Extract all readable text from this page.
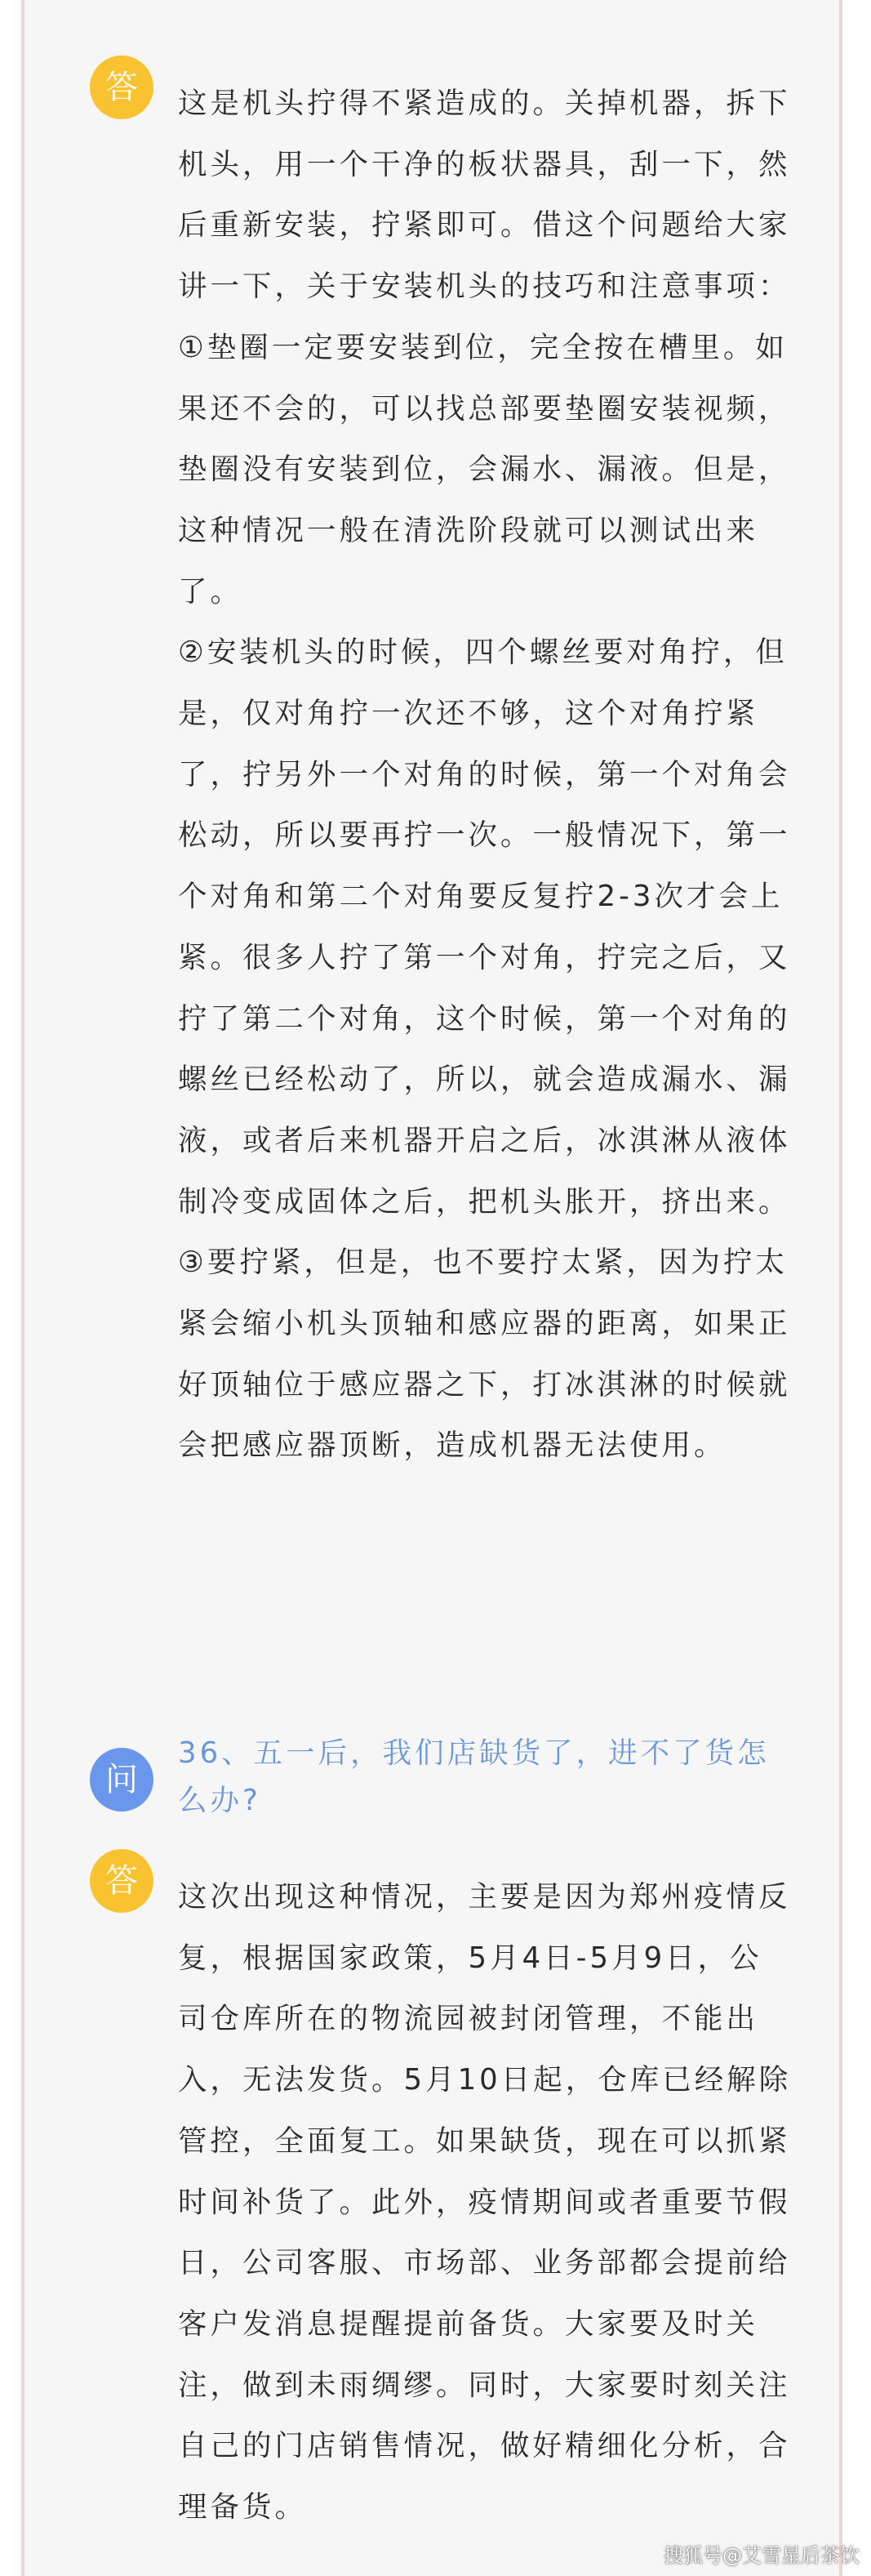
答	这是机头拧得不紧造成的。关掉机器，拆下机头，用一个干净的板状器具，刮一下，然后重新安装，拧紧即可。借这个问题给大家讲一下，关于安装机头的技巧和注意事项：

①垫圈一定要安装到位，完全按在槽里。如果还不会的，可以找总部要垫圈安装视频，垫圈没有安装到位，会漏水、漏液。但是，这种情况一般在清洗阶段就可以测试出来了。

②安装机头的时候，四个螺丝要对角拧，但是，仅对角拧一次还不够，这个对角拧紧了，拧另外一个对角的时候，第一个对角会松动，所以要再拧一次。一般情况下，第一个对角和第二个对角要反复拧2-3次才会上紧。很多人拧了第一个对角，拧完之后，又拧了第二个对角，这个时候，第一个对角的螺丝已经松动了，所以，就会造成漏水、漏液，或者后来机器开启之后，冰淇淋从液体制冷变成固体之后，把机头胀开，挤出来。

③要拧紧，但是，也不要拧太紧，因为拧太紧会缩小机头顶轴和感应器的距离，如果正好顶轴位于感应器之下，打冰淇淋的时候就会把感应器顶断，造成机器无法使用。

问
36、五一后，我们店缺货了，进不了货怎么办?
答	这次出现这种情况，主要是因为郑州疫情反复，根据国家政策，5月4日-5月9日，公司仓库所在的物流园被封闭管理，不能出入，无法发货。5月10日起，仓库已经解除管控，全面复工。如果缺货，现在可以抓紧时间补货了。此外，疫情期间或者重要节假日，公司客服、市场部、业务部都会提前给客户发消息提醒提前备货。大家要及时关注，做到未雨绸缪。同时，大家要时刻关注自己的门店销售情况，做好精细化分析，合理备货。

搜狐号@艾雪星后茶饮
